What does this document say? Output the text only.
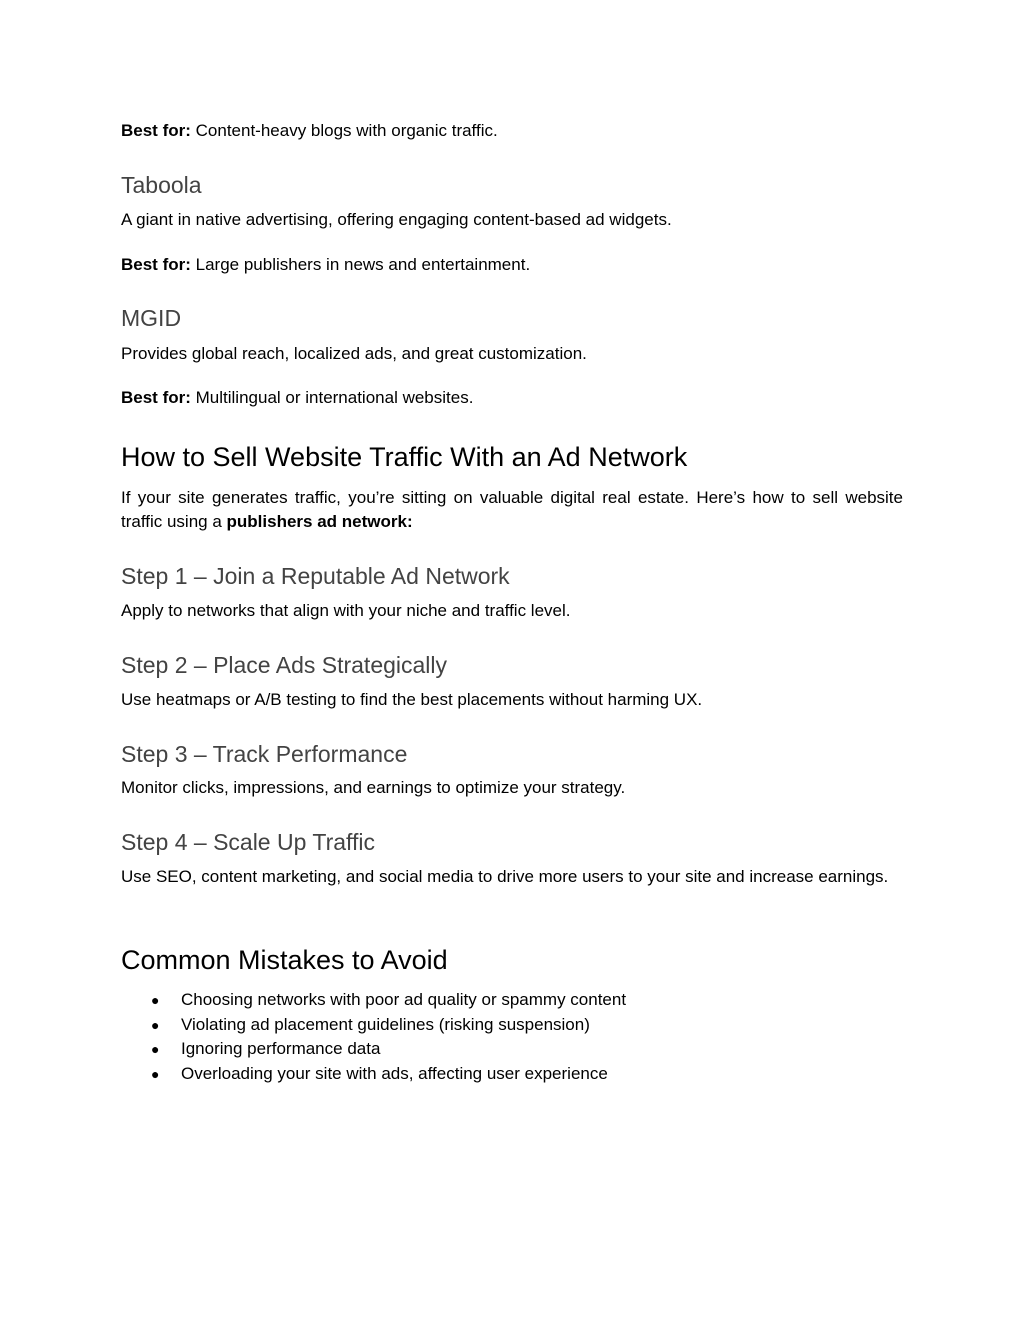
Best for: Content-heavy blogs with organic traffic.

Taboola

A giant in native advertising, offering engaging content-based ad widgets.

Best for: Large publishers in news and entertainment.

MGID

Provides global reach, localized ads, and great customization.

Best for: Multilingual or international websites.

How to Sell Website Traffic With an Ad Network

If your site generates traffic, you’re sitting on valuable digital real estate. Here’s how to sell website traffic using a publishers ad network:

Step 1 – Join a Reputable Ad Network

Apply to networks that align with your niche and traffic level.

Step 2 – Place Ads Strategically

Use heatmaps or A/B testing to find the best placements without harming UX.

Step 3 – Track Performance

Monitor clicks, impressions, and earnings to optimize your strategy.

Step 4 – Scale Up Traffic

Use SEO, content marketing, and social media to drive more users to your site and increase earnings.

Common Mistakes to Avoid
● Choosing networks with poor ad quality or spammy content
● Violating ad placement guidelines (risking suspension)
● Ignoring performance data
● Overloading your site with ads, affecting user experience
